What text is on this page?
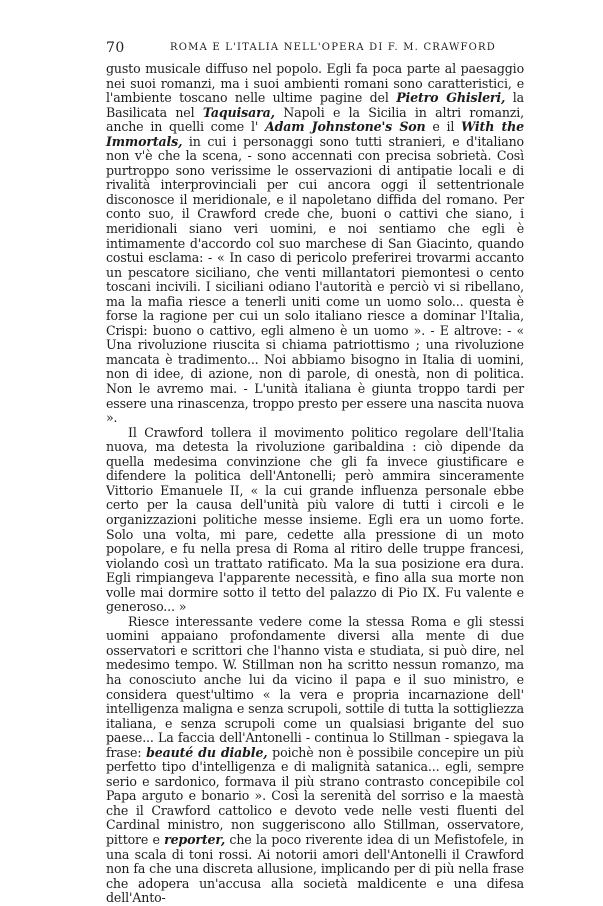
70	ROMA E L'ITALIA NELL'OPERA DI F. M. CRAWFORD

gusto musicale diffuso nel popolo. Egli fa poca parte al paesaggio nei suoi romanzi, ma i suoi ambienti romani sono caratteristici, e l'ambiente toscano nelle ultime pagine del Pietro Ghisleri, la Basilicata nel Taquisara, Napoli e la Sicilia in altri romanzi, anche in quelli come l' Adam Johnstone's Son e il With the Immortals, in cui i personaggi sono tutti stranieri, e d'italiano non v'è che la scena, - sono accennati con precisa sobrietà. Così purtroppo sono verissime le osservazioni di antipatie locali e di rivalità interprovinciali per cui ancora oggi il settentrionale disconosce il meridionale, e il napoletano diffida del romano. Per conto suo, il Crawford crede che, buoni o cattivi che siano, i meridionali siano veri uomini, e noi sentiamo che egli è intimamente d'accordo col suo marchese di San Giacinto, quando costui esclama: - « In caso di pericolo preferirei trovarmi accanto un pescatore siciliano, che venti millantatori piemontesi o cento toscani incivili. I siciliani odiano l'autorità e perciò vi si ribellano, ma la mafia riesce a tenerli uniti come un uomo solo... questa è forse la ragione per cui un solo italiano riesce a dominar l'Italia, Crispi: buono o cattivo, egli almeno è un uomo ». - E altrove: - « Una rivoluzione riuscita si chiama patriottismo ; una rivoluzione mancata è tradimento... Noi abbiamo bisogno in Italia di uomini, non di idee, di azione, non di parole, di onestà, non di politica. Non le avremo mai. - L'unità italiana è giunta troppo tardi per essere una rinascenza, troppo presto per essere una nascita nuova ».

Il Crawford tollera il movimento politico regolare dell'Italia nuova, ma detesta la rivoluzione garibaldina : ciò dipende da quella medesima convinzione che gli fa invece giustificare e difendere la politica dell'Antonelli; però ammira sinceramente Vittorio Emanuele II, « la cui grande influenza personale ebbe certo per la causa dell'unità più valore di tutti i circoli e le organizzazioni politiche messe insieme. Egli era un uomo forte. Solo una volta, mi pare, cedette alla pressione di un moto popolare, e fu nella presa di Roma al ritiro delle truppe francesi, violando così un trattato ratificato. Ma la sua posizione era dura. Egli rimpiangeva l'apparente necessità, e fino alla sua morte non volle mai dormire sotto il tetto del palazzo di Pio IX. Fu valente e generoso... »

Riesce interessante vedere come la stessa Roma e gli stessi uomini appaiano profondamente diversi alla mente di due osservatori e scrittori che l'hanno vista e studiata, si può dire, nel medesimo tempo. W. Stillman non ha scritto nessun romanzo, ma ha conosciuto anche lui da vicino il papa e il suo ministro, e considera quest'ultimo « la vera e propria incarnazione dell' intelligenza maligna e senza scrupoli, sottile di tutta la sottigliezza italiana, e senza scrupoli come un qualsiasi brigante del suo paese... La faccia dell'Antonelli - continua lo Stillman - spiegava la frase: beauté du diable, poichè non è possibile concepire un più perfetto tipo d'intelligenza e di malignità satanica... egli, sempre serio e sardonico, formava il più strano contrasto concepibile col Papa arguto e bonario ». Così la serenità del sorriso e la maestà che il Crawford cattolico e devoto vede nelle vesti fluenti del Cardinal ministro, non suggeriscono allo Stillman, osservatore, pittore e reporter, che la poco riverente idea di un Mefistofele, in una scala di toni rossi. Ai notorii amori dell'Antonelli il Crawford non fa che una discreta allusione, implicando per di più nella frase che adopera un'accusa alla società maldicente e una difesa dell'Anto-
